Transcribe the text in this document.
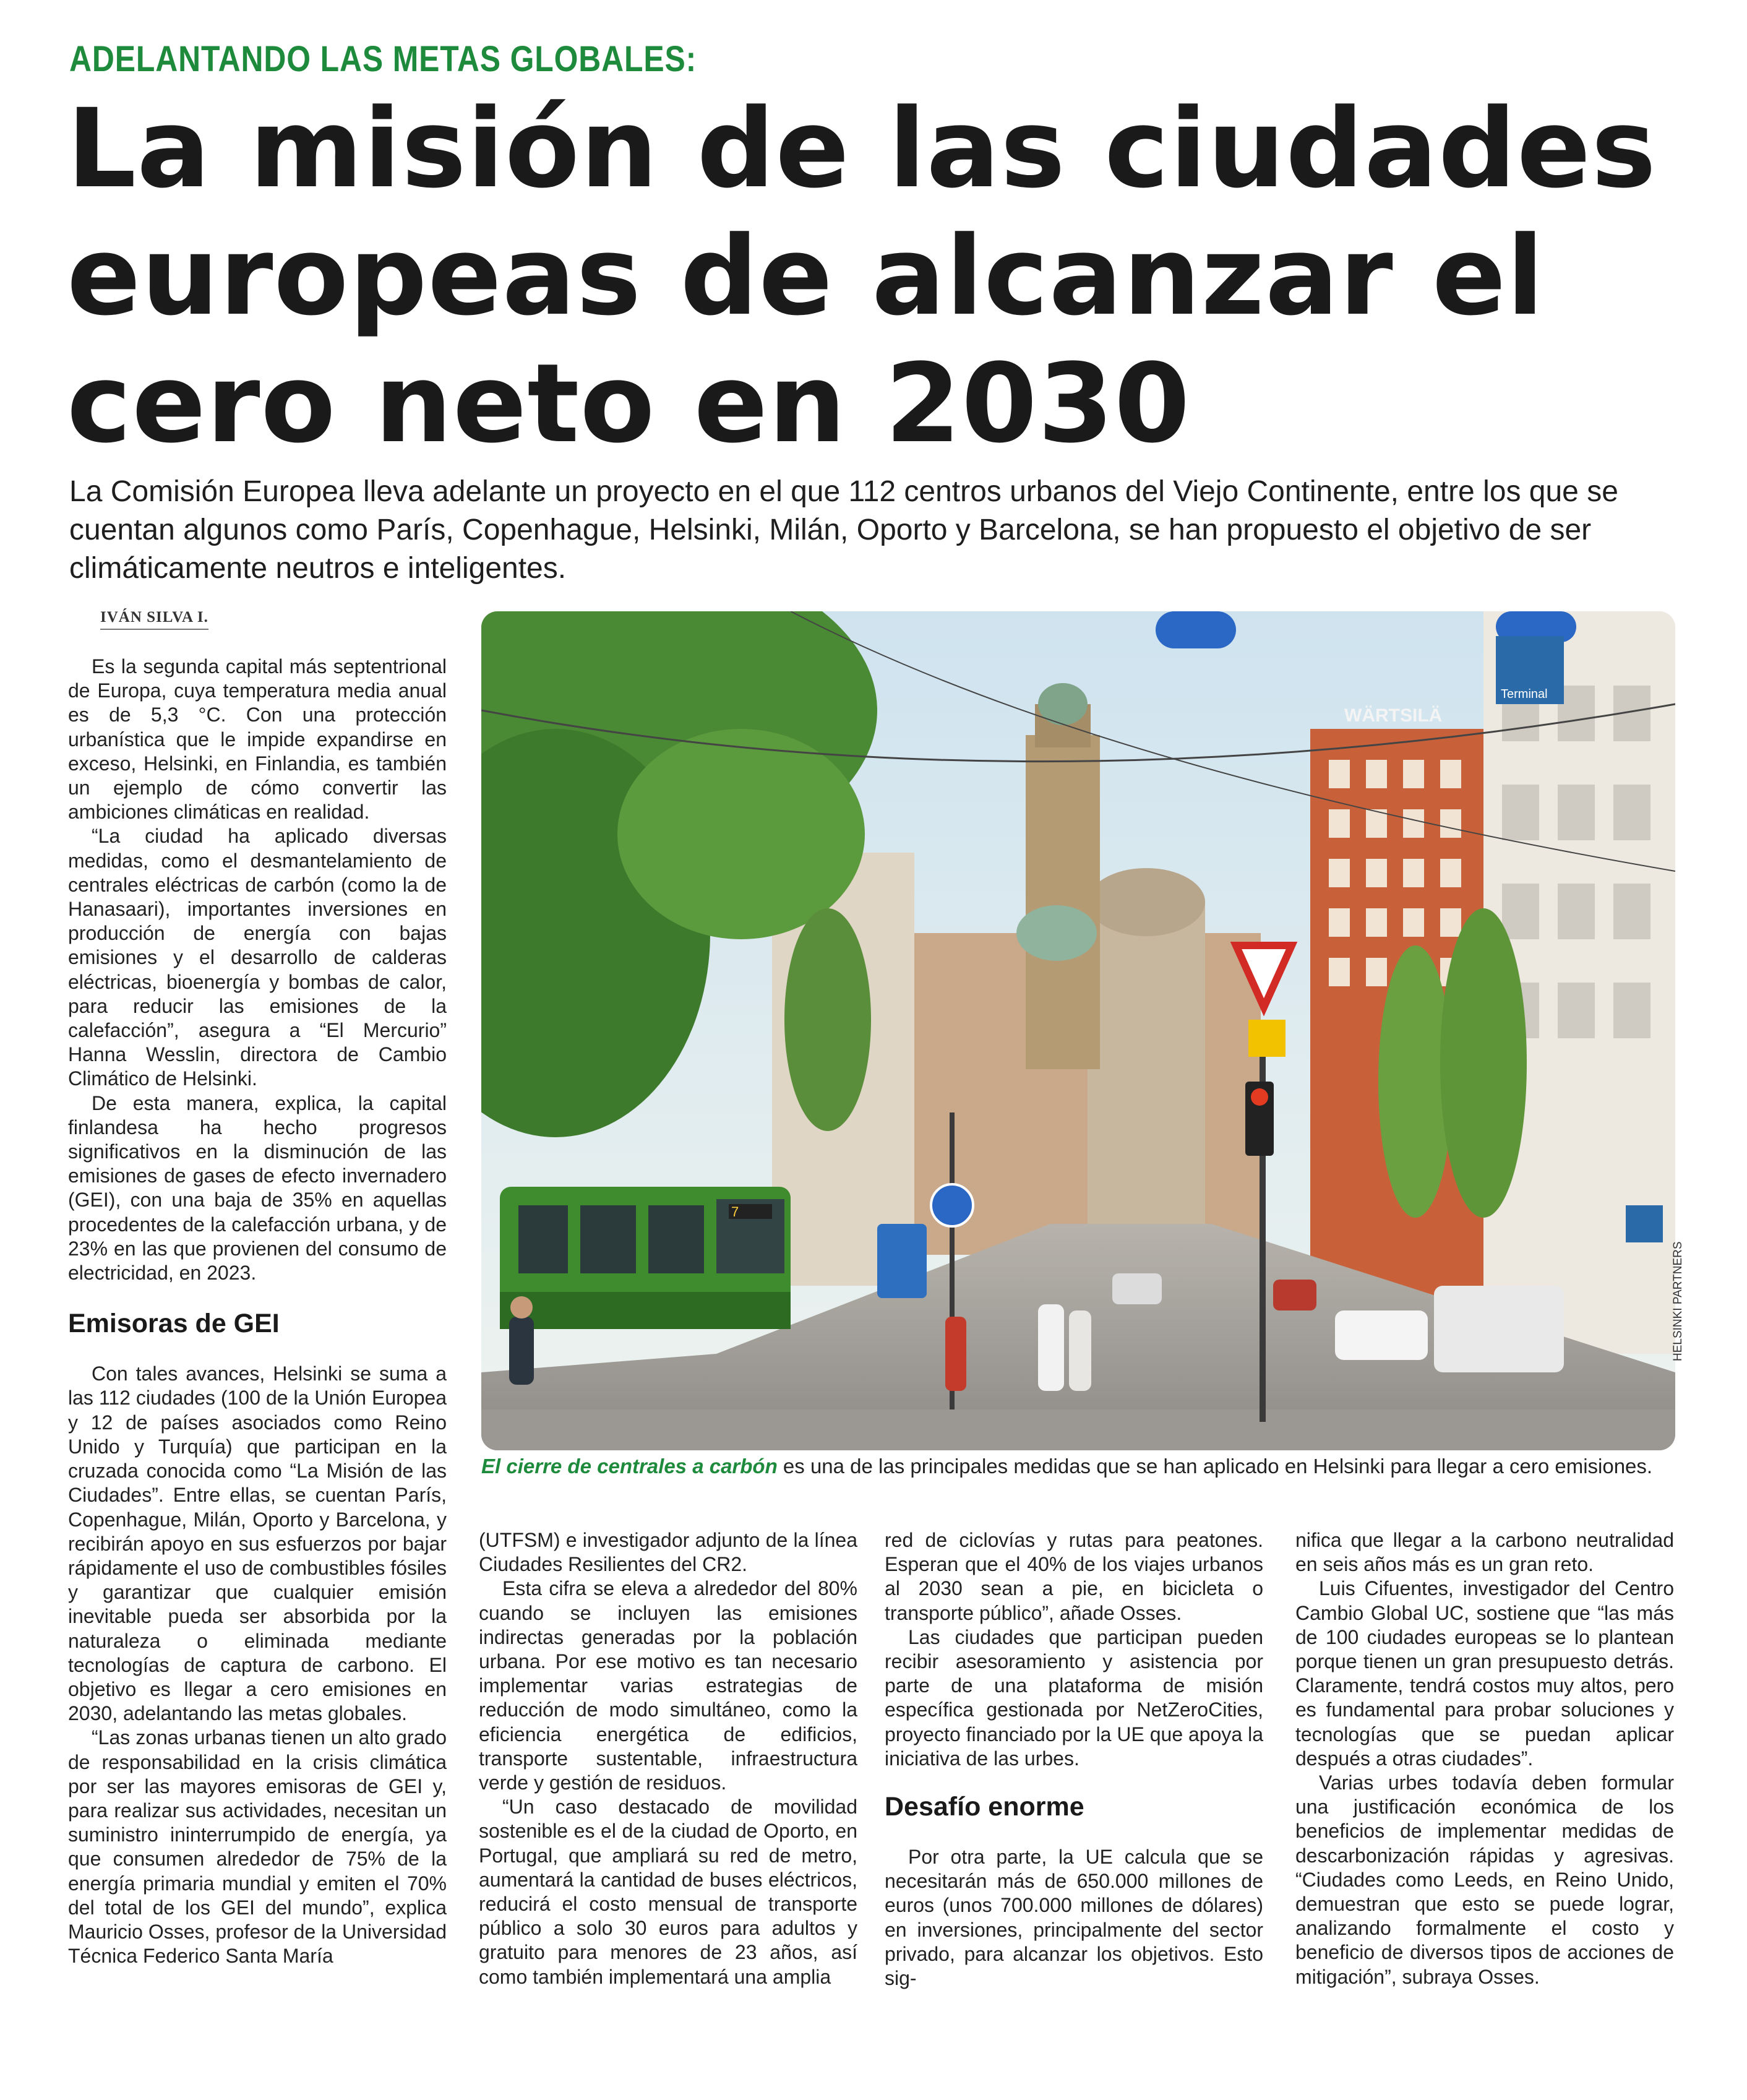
ADELANTANDO LAS METAS GLOBALES:
La misión de las ciudades
europeas de alcanzar el
cero neto en 2030

La Comisión Europea lleva adelante un proyecto en el que 112 centros urbanos del Viejo Continente, entre los que se
cuentan algunos como París, Copenhague, Helsinki, Milán, Oporto y Barcelona, se han propuesto el objetivo de ser
climáticamente neutros e inteligentes.

IVÁN SILVA I.

Es la segunda capital más septentrional de Europa, cuya temperatura media anual es de 5,3 °C. Con una protección urbanística que le impide expandirse en exceso, Helsinki, en Finlandia, es también un ejemplo de cómo convertir las ambiciones climáticas en realidad.

“La ciudad ha aplicado diversas medidas, como el desmantelamiento de centrales eléctricas de carbón (como la de Hanasaari), importantes inversiones en producción de energía con bajas emisiones y el desarrollo de calderas eléctricas, bioenergía y bombas de calor, para reducir las emisiones de la calefacción”, asegura a “El Mercurio” Hanna Wesslin, directora de Cambio Climático de Helsinki.

De esta manera, explica, la capital finlandesa ha hecho progresos significativos en la disminución de las emisiones de gases de efecto invernadero (GEI), con una baja de 35% en aquellas procedentes de la calefacción urbana, y de 23% en las que provienen del consumo de electricidad, en 2023.

Emisoras de GEI

Con tales avances, Helsinki se suma a las 112 ciudades (100 de la Unión Europea y 12 de países asociados como Reino Unido y Turquía) que participan en la cruzada conocida como “La Misión de las Ciudades”. Entre ellas, se cuentan París, Copenhague, Milán, Oporto y Barcelona, y recibirán apoyo en sus esfuerzos por bajar rápidamente el uso de combustibles fósiles y garantizar que cualquier emisión inevitable pueda ser absorbida por la naturaleza o eliminada mediante tecnologías de captura de carbono. El objetivo es llegar a cero emisiones en 2030, adelantando las metas globales.

“Las zonas urbanas tienen un alto grado de responsabilidad en la crisis climática por ser las mayores emisoras de GEI y, para realizar sus actividades, necesitan un suministro ininterrumpido de energía, ya que consumen alrededor de 75% de la energía primaria mundial y emiten el 70% del total de los GEI del mundo”, explica Mauricio Osses, profesor de la Universidad Técnica Federico Santa María

WÄRTSILÄ
7
Terminal
HELSINKI PARTNERS
El cierre de centrales a carbón es una de las principales medidas que se han aplicado en Helsinki para llegar a cero emisiones.

(UTFSM) e investigador adjunto de la línea Ciudades Resilientes del CR2.

Esta cifra se eleva a alrededor del 80% cuando se incluyen las emisiones indirectas generadas por la población urbana. Por ese motivo es tan necesario implementar varias estrategias de reducción de modo simultáneo, como la eficiencia energética de edificios, transporte sustentable, infraestructura verde y gestión de residuos.

“Un caso destacado de movilidad sostenible es el de la ciudad de Oporto, en Portugal, que ampliará su red de metro, aumentará la cantidad de buses eléctricos, reducirá el costo mensual de transporte público a solo 30 euros para adultos y gratuito para menores de 23 años, así como también implementará una amplia

red de ciclovías y rutas para peatones. Esperan que el 40% de los viajes urbanos al 2030 sean a pie, en bicicleta o transporte público”, añade Osses.

Las ciudades que participan pueden recibir asesoramiento y asistencia por parte de una plataforma de misión específica gestionada por NetZeroCities, proyecto financiado por la UE que apoya la iniciativa de las urbes.

Desafío enorme

Por otra parte, la UE calcula que se necesitarán más de 650.000 millones de euros (unos 700.000 millones de dólares) en inversiones, principalmente del sector privado, para alcanzar los objetivos. Esto sig-

nifica que llegar a la carbono neutralidad en seis años más es un gran reto.

Luis Cifuentes, investigador del Centro Cambio Global UC, sostiene que “las más de 100 ciudades europeas se lo plantean porque tienen un gran presupuesto detrás. Claramente, tendrá costos muy altos, pero es fundamental para probar soluciones y tecnologías que se puedan aplicar después a otras ciudades”.

Varias urbes todavía deben formular una justificación económica de los beneficios de implementar medidas de descarbonización rápidas y agresivas. “Ciudades como Leeds, en Reino Unido, demuestran que esto se puede lograr, analizando formalmente el costo y beneficio de diversos tipos de acciones de mitigación”, subraya Osses.
